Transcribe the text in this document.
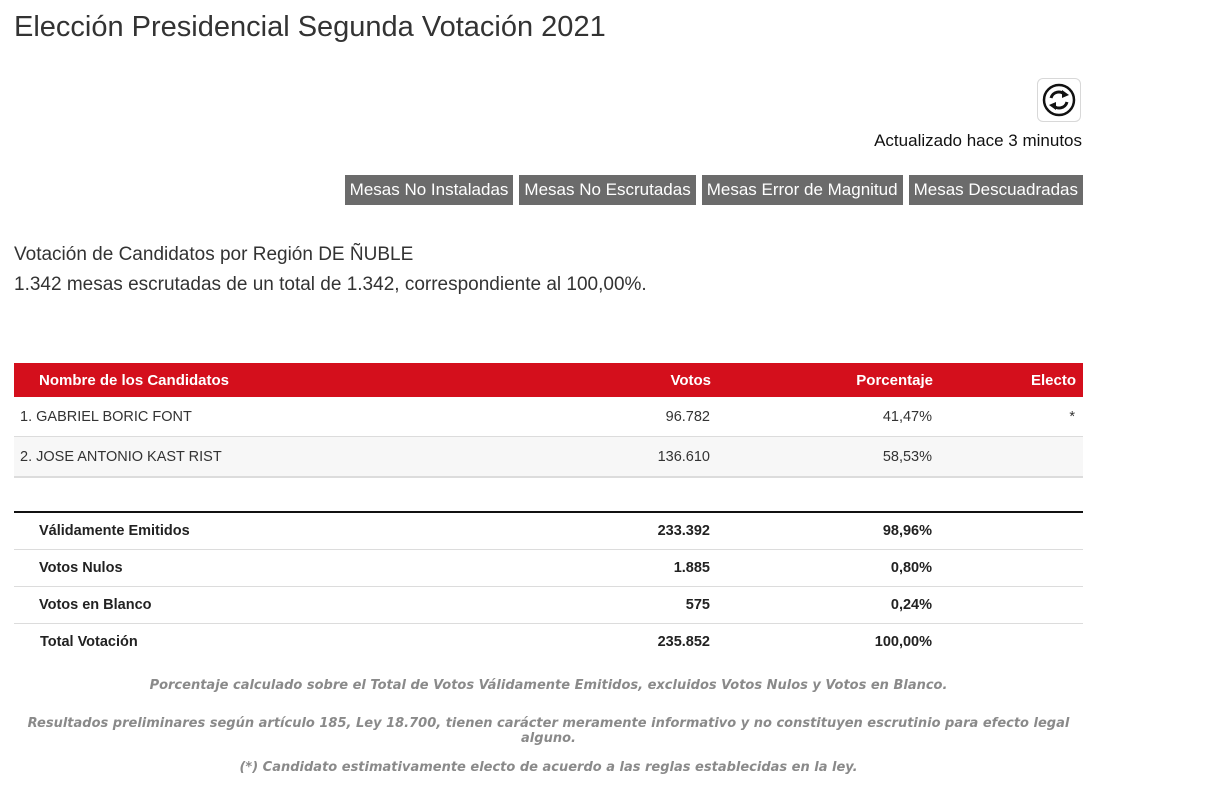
Elección Presidencial Segunda Votación 2021
Actualizado hace 3 minutos
Mesas No Instaladas Mesas No Escrutadas Mesas Error de Magnitud Mesas Descuadradas
Votación de Candidatos por Región DE ÑUBLE
1.342 mesas escrutadas de un total de 1.342, correspondiente al 100,00%.
Nombre de los Candidatos	Votos	Porcentaje	Electo
1. GABRIEL BORIC FONT	96.782	41,47%	*
2. JOSE ANTONIO KAST RIST	136.610	58,53%	
Válidamente Emitidos	233.392	98,96%	
Votos Nulos	1.885	0,80%	
Votos en Blanco	575	0,24%	
Total Votación	235.852	100,00%	
Porcentaje calculado sobre el Total de Votos Válidamente Emitidos, excluidos Votos Nulos y Votos en Blanco.
Resultados preliminares según artículo 185, Ley 18.700, tienen carácter meramente informativo y no constituyen escrutinio para efecto legal alguno.
(*) Candidato estimativamente electo de acuerdo a las reglas establecidas en la ley.
